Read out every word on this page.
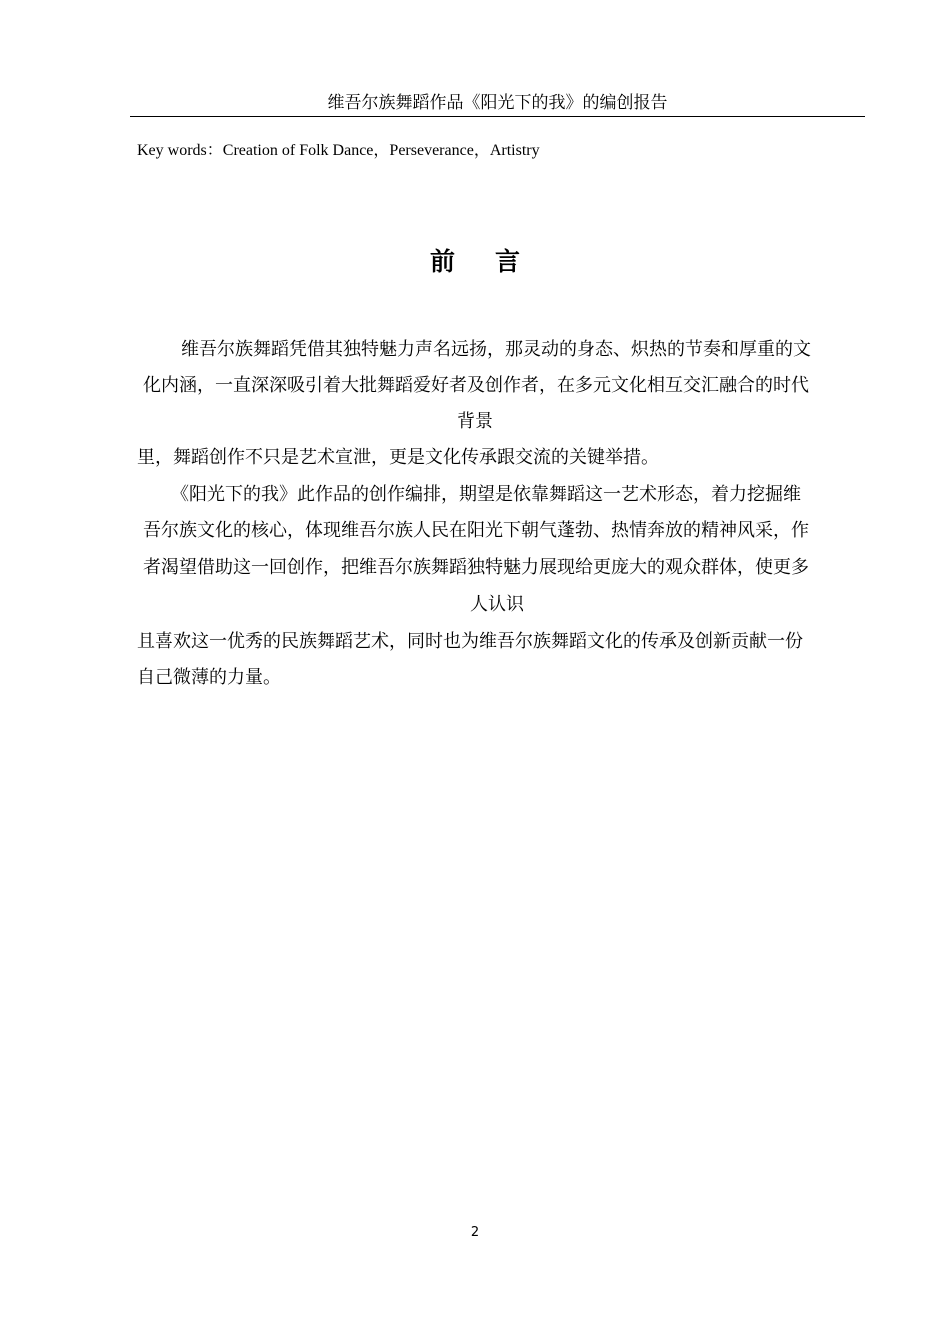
维吾尔族舞蹈作品《阳光下的我》的编创报告
Key words：Creation of Folk Dance，Perseverance，Artistry
前言
维吾尔族舞蹈凭借其独特魅力声名远扬，那灵动的身态、炽热的节奏和厚重的文
化内涵，一直深深吸引着大批舞蹈爱好者及创作者，在多元文化相互交汇融合的时代
背景
里，舞蹈创作不只是艺术宣泄，更是文化传承跟交流的关键举措。
《阳光下的我》此作品的创作编排，期望是依靠舞蹈这一艺术形态，着力挖掘维
吾尔族文化的核心，体现维吾尔族人民在阳光下朝气蓬勃、热情奔放的精神风采，作
者渴望借助这一回创作，把维吾尔族舞蹈独特魅力展现给更庞大的观众群体，使更多
人认识
且喜欢这一优秀的民族舞蹈艺术，同时也为维吾尔族舞蹈文化的传承及创新贡献一份
自己微薄的力量。
2
